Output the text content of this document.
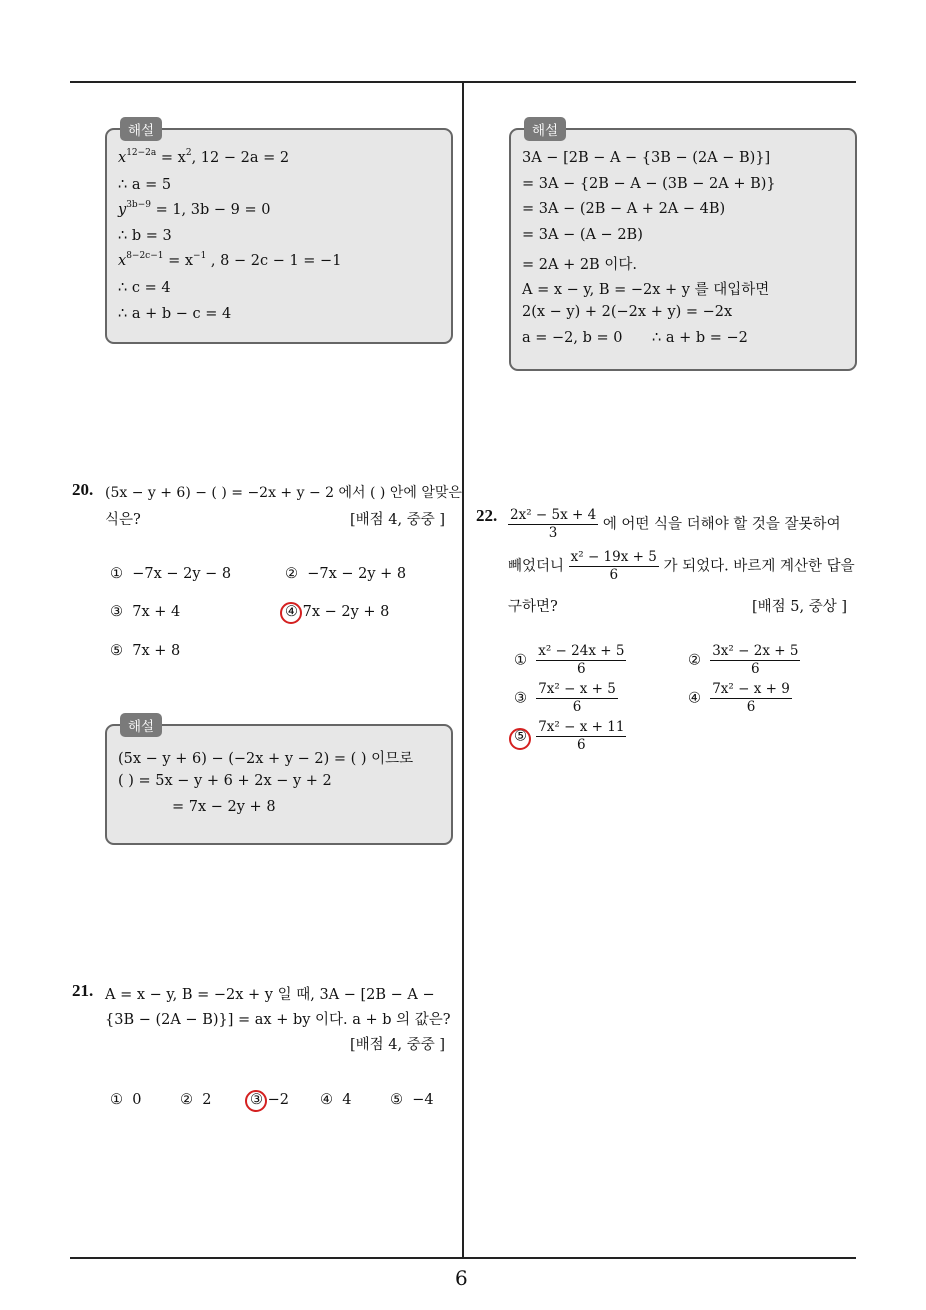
6
해설
$x^{12-2a} = x^2$, 12 − 2a = 2
∴ a = 5
$y^{3b-9} = 1$, 3b − 9 = 0
∴ b = 3
$x^{8-2c-1} = x^{-1}$ , 8 − 2c − 1 = −1
∴ c = 4
∴ a + b − c = 4
해설
3A − [2B − A − {3B − (2A − B)}]
= 3A − {2B − A − (3B − 2A + B)}
= 3A − (2B − A + 2A − 4B)
= 3A − (A − 2B)
= 2A + 2B 이다.
A = x − y, B = −2x + y 를 대입하면
2(x − y) + 2(−2x + y) = −2x
a = −2, b = 0 ∴ a + b = −2
20. (5x − y + 6) − ( ) = −2x + y − 2 에서 ( ) 안에 알맞은
식은?	[배점 4, 중중 ]
① −7x − 2y − 8	② −7x − 2y + 8
③ 7x + 4	④ 7x − 2y + 8
⑤ 7x + 8
해설
(5x − y + 6) − (−2x + y − 2) = ( ) 이므로
( ) = 5x − y + 6 + 2x − y + 2
= 7x − 2y + 8
21. A = x − y, B = −2x + y 일 때, 3A − [2B − A −
{3B − (2A − B)}] = ax + by 이다. a + b 의 값은?
[배점 4, 중중 ]
① 0	② 2	③ −2 ④ 4	⑤ −4
22. $\frac{\text{2x² − 5x + 4}}{3}$ 에 어떤 식을 더해야 할 것을 잘못하여
빼었더니 $\frac{\text{x² − 19x + 5}}{6}$ 가 되었다. 바르게 계산한 답을
구하면?	[배점 5, 중상 ]
① $\frac{\text{x² − 24x + 5}}{6}$	② $\frac{\text{3x² − 2x + 5}}{6}$
③ $\frac{\text{7x² − x + 5}}{6}$	④ $\frac{\text{7x² − x + 9}}{6}$
⑤ $\frac{\text{7x² − x + 11}}{6}$
